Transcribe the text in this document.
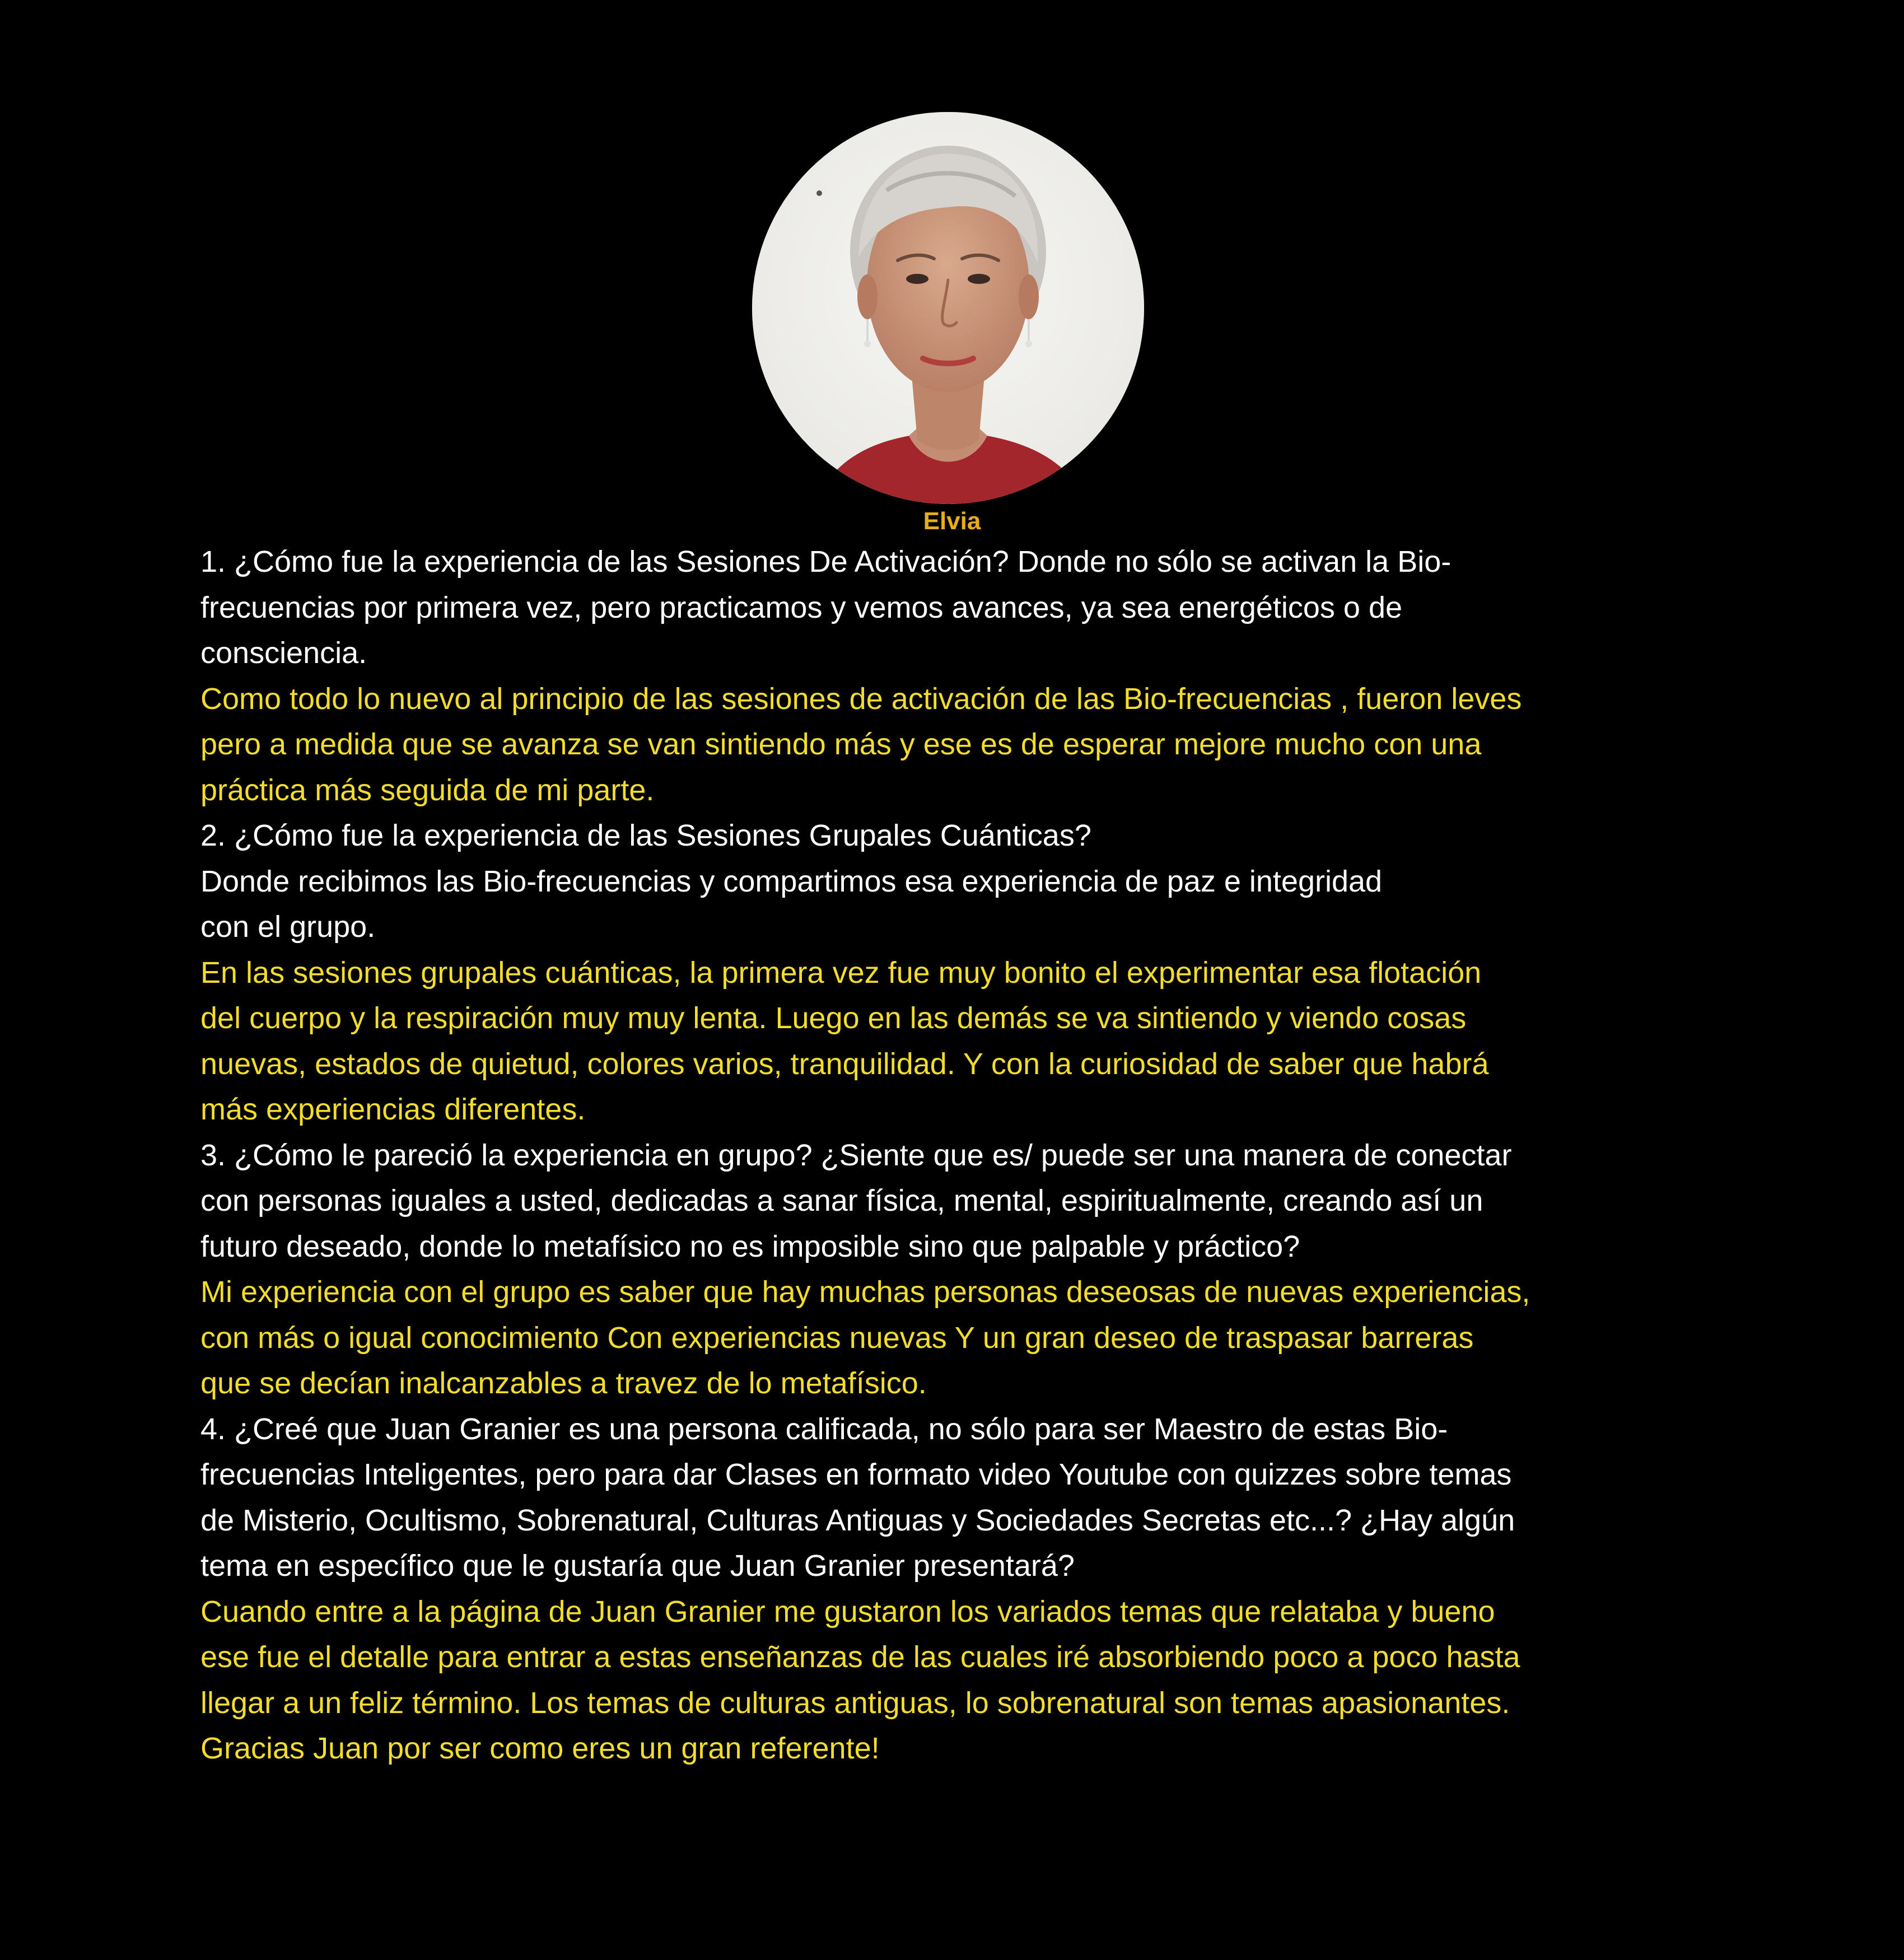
Elvia

1. ¿Cómo fue la experiencia de las Sesiones De Activación? Donde no sólo se activan la Bio-
frecuencias por primera vez, pero practicamos y vemos avances, ya sea energéticos o de
consciencia.

Como todo lo nuevo al principio de las sesiones de activación de las Bio-frecuencias , fueron leves
pero a medida que se avanza se van sintiendo más y ese es de esperar mejore mucho con una
práctica más seguida de mi parte.

2. ¿Cómo fue la experiencia de las Sesiones Grupales Cuánticas?
Donde recibimos las Bio-frecuencias y compartimos esa experiencia de paz e integridad
con el grupo.

En las sesiones grupales cuánticas, la primera vez fue muy bonito el experimentar esa flotación
del cuerpo y la respiración muy muy lenta. Luego en las demás se va sintiendo y viendo cosas
nuevas, estados de quietud, colores varios, tranquilidad. Y con la curiosidad de saber que habrá
más experiencias diferentes.

3. ¿Cómo le pareció la experiencia en grupo? ¿Siente que es/ puede ser una manera de conectar
con personas iguales a usted, dedicadas a sanar física, mental, espiritualmente, creando así un
futuro deseado, donde lo metafísico no es imposible sino que palpable y práctico?

Mi experiencia con el grupo es saber que hay muchas personas deseosas de nuevas experiencias,
con más o igual conocimiento Con experiencias nuevas Y un gran deseo de traspasar barreras
que se decían inalcanzables a travez de lo metafísico.

4. ¿Creé que Juan Granier es una persona calificada, no sólo para ser Maestro de estas Bio-
frecuencias Inteligentes, pero para dar Clases en formato video Youtube con quizzes sobre temas
de Misterio, Ocultismo, Sobrenatural, Culturas Antiguas y Sociedades Secretas etc...? ¿Hay algún
tema en específico que le gustaría que Juan Granier presentará?

Cuando entre a la página de Juan Granier me gustaron los variados temas que relataba y bueno
ese fue el detalle para entrar a estas enseñanzas de las cuales iré absorbiendo poco a poco hasta
llegar a un feliz término. Los temas de culturas antiguas, lo sobrenatural son temas apasionantes.
Gracias Juan por ser como eres un gran referente!
